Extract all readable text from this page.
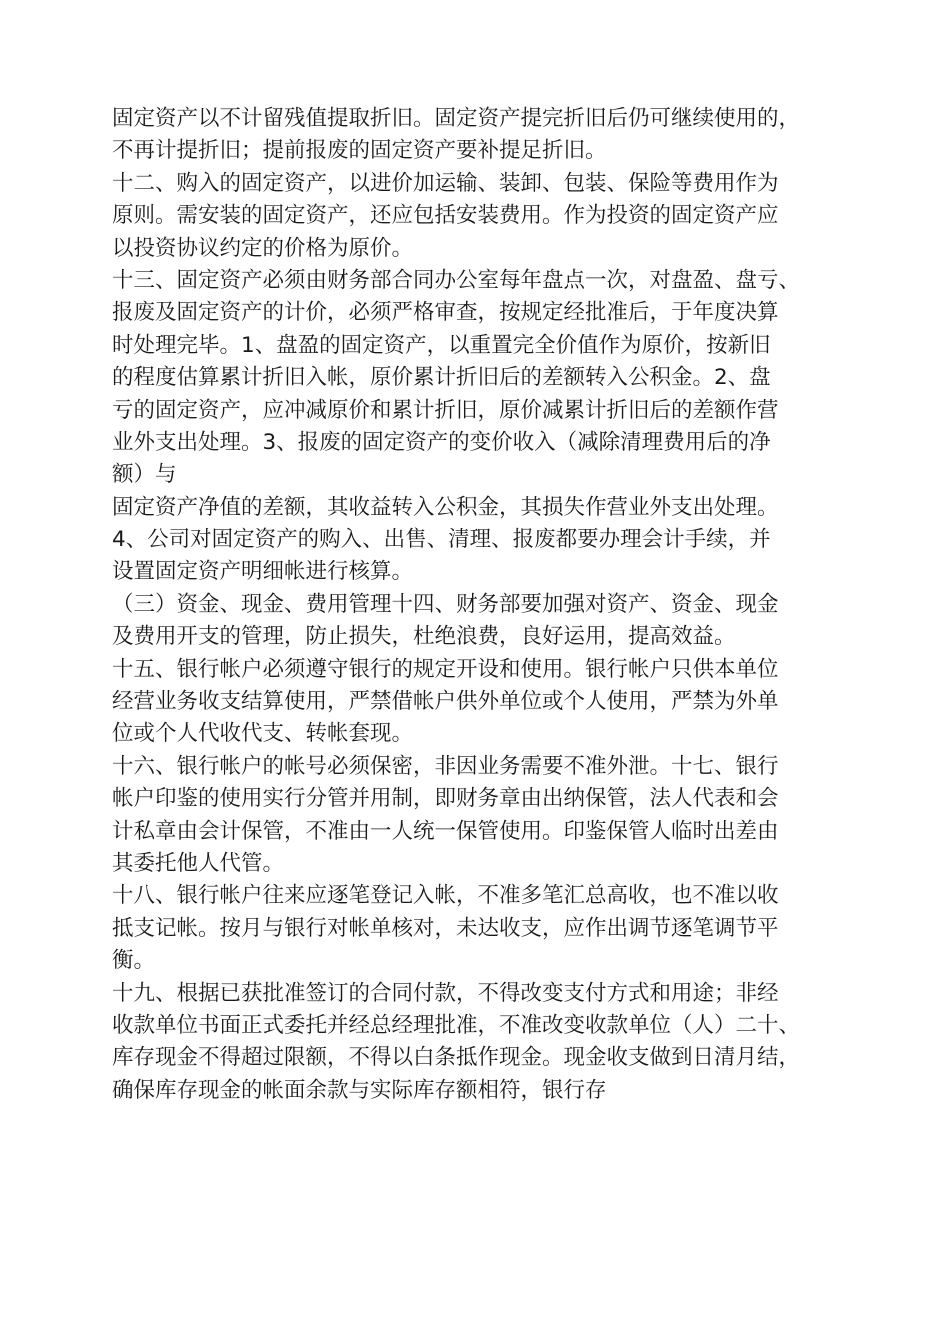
固定资产以不计留残值提取折旧。固定资产提完折旧后仍可继续使用的，
不再计提折旧；提前报废的固定资产要补提足折旧。
十二、购入的固定资产，以进价加运输、装卸、包装、保险等费用作为
原则。需安装的固定资产，还应包括安装费用。作为投资的固定资产应
以投资协议约定的价格为原价。
十三、固定资产必须由财务部合同办公室每年盘点一次，对盘盈、盘亏、
报废及固定资产的计价，必须严格审查，按规定经批准后，于年度决算
时处理完毕。1、盘盈的固定资产，以重置完全价值作为原价，按新旧
的程度估算累计折旧入帐，原价累计折旧后的差额转入公积金。2、盘
亏的固定资产，应冲减原价和累计折旧，原价减累计折旧后的差额作营
业外支出处理。3、报废的固定资产的变价收入（减除清理费用后的净
额）与
固定资产净值的差额，其收益转入公积金，其损失作营业外支出处理。
4、公司对固定资产的购入、出售、清理、报废都要办理会计手续，并
设置固定资产明细帐进行核算。
（三）资金、现金、费用管理十四、财务部要加强对资产、资金、现金
及费用开支的管理，防止损失，杜绝浪费，良好运用，提高效益。
十五、银行帐户必须遵守银行的规定开设和使用。银行帐户只供本单位
经营业务收支结算使用，严禁借帐户供外单位或个人使用，严禁为外单
位或个人代收代支、转帐套现。
十六、银行帐户的帐号必须保密，非因业务需要不准外泄。十七、银行
帐户印鉴的使用实行分管并用制，即财务章由出纳保管，法人代表和会
计私章由会计保管，不准由一人统一保管使用。印鉴保管人临时出差由
其委托他人代管。
十八、银行帐户往来应逐笔登记入帐，不准多笔汇总高收，也不准以收
抵支记帐。按月与银行对帐单核对，未达收支，应作出调节逐笔调节平
衡。
十九、根据已获批准签订的合同付款，不得改变支付方式和用途；非经
收款单位书面正式委托并经总经理批准，不准改变收款单位（人）二十、
库存现金不得超过限额，不得以白条抵作现金。现金收支做到日清月结，
确保库存现金的帐面余款与实际库存额相符，银行存
